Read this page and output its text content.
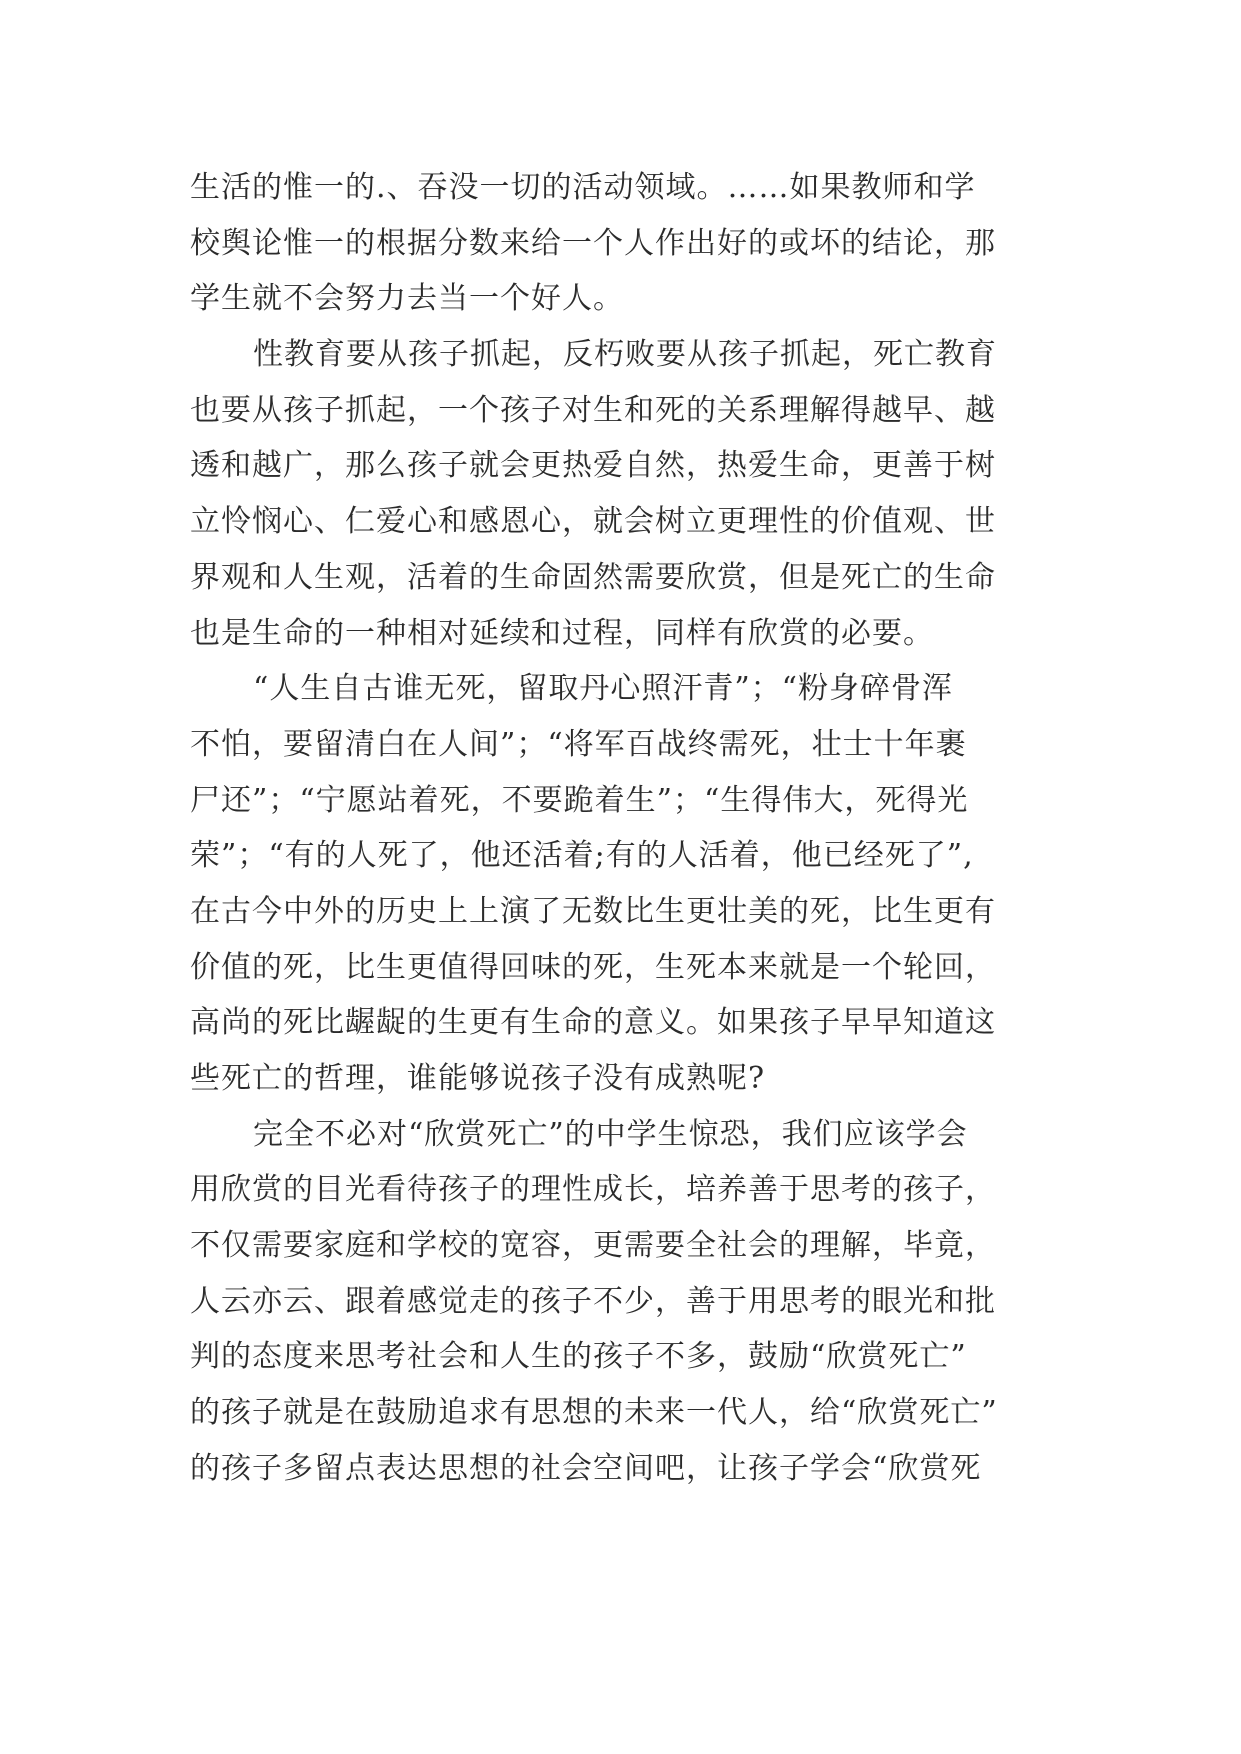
生活的惟一的.、吞没一切的活动领域。……如果教师和学
校舆论惟一的根据分数来给一个人作出好的或坏的结论，那
学生就不会努力去当一个好人。
性教育要从孩子抓起，反朽败要从孩子抓起，死亡教育
也要从孩子抓起，一个孩子对生和死的关系理解得越早、越
透和越广，那么孩子就会更热爱自然，热爱生命，更善于树
立怜悯心、仁爱心和感恩心，就会树立更理性的价值观、世
界观和人生观，活着的生命固然需要欣赏，但是死亡的生命
也是生命的一种相对延续和过程，同样有欣赏的必要。
“人生自古谁无死，留取丹心照汗青”；“粉身碎骨浑
不怕，要留清白在人间”；“将军百战终需死，壮士十年裹
尸还”；“宁愿站着死，不要跪着生”；“生得伟大，死得光
荣”；“有的人死了，他还活着;有的人活着，他已经死了”,
在古今中外的历史上上演了无数比生更壮美的死，比生更有
价值的死，比生更值得回味的死，生死本来就是一个轮回，
高尚的死比龌龊的生更有生命的意义。如果孩子早早知道这
些死亡的哲理，谁能够说孩子没有成熟呢?
完全不必对“欣赏死亡”的中学生惊恐，我们应该学会
用欣赏的目光看待孩子的理性成长，培养善于思考的孩子，
不仅需要家庭和学校的宽容，更需要全社会的理解，毕竟，
人云亦云、跟着感觉走的孩子不少，善于用思考的眼光和批
判的态度来思考社会和人生的孩子不多，鼓励“欣赏死亡”
的孩子就是在鼓励追求有思想的未来一代人，给“欣赏死亡”
的孩子多留点表达思想的社会空间吧，让孩子学会“欣赏死
